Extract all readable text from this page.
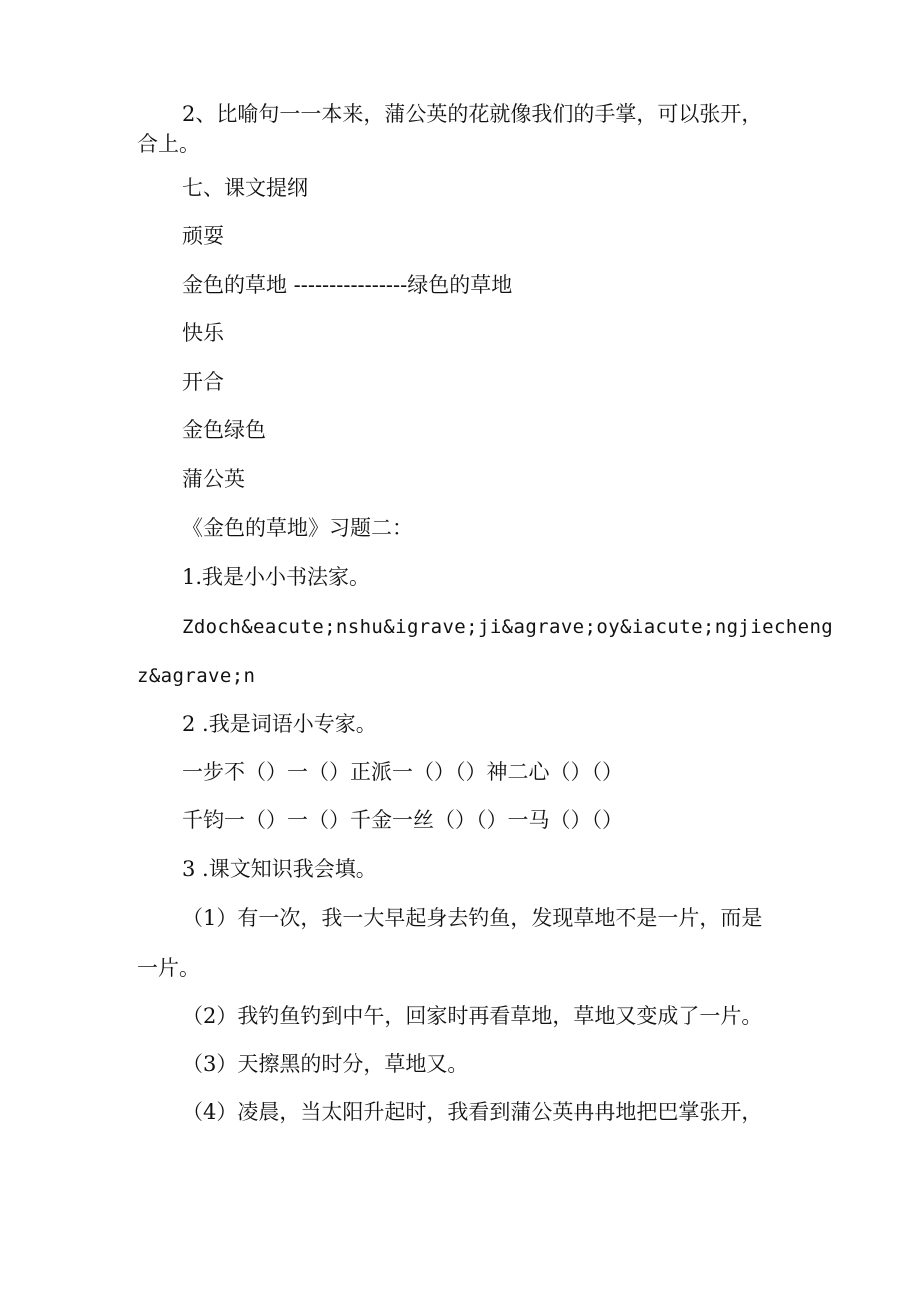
2、比喻句一一本来，蒲公英的花就像我们的手掌，可以张开，
合上。
七、课文提纲
顽耍
金色的草地 ----------------绿色的草地
快乐
开合
金色绿色
蒲公英
《金色的草地》习题二：
1.我是小小书法家。
Zdoch&eacute;nshu&igrave;ji&agrave;oy&iacute;ngjiecheng
z&agrave;n
2 .我是词语小专家。
一步不（）一（）正派一（）（）神二心（）（）
千钧一（）一（）千金一丝（）（）一马（）（）
3 .课文知识我会填。
（1）有一次，我一大早起身去钓鱼，发现草地不是一片，而是
一片。
（2）我钓鱼钓到中午，回家时再看草地，草地又变成了一片。
（3）天擦黑的时分，草地又。
（4）凌晨，当太阳升起时，我看到蒲公英冉冉地把巴掌张开，
